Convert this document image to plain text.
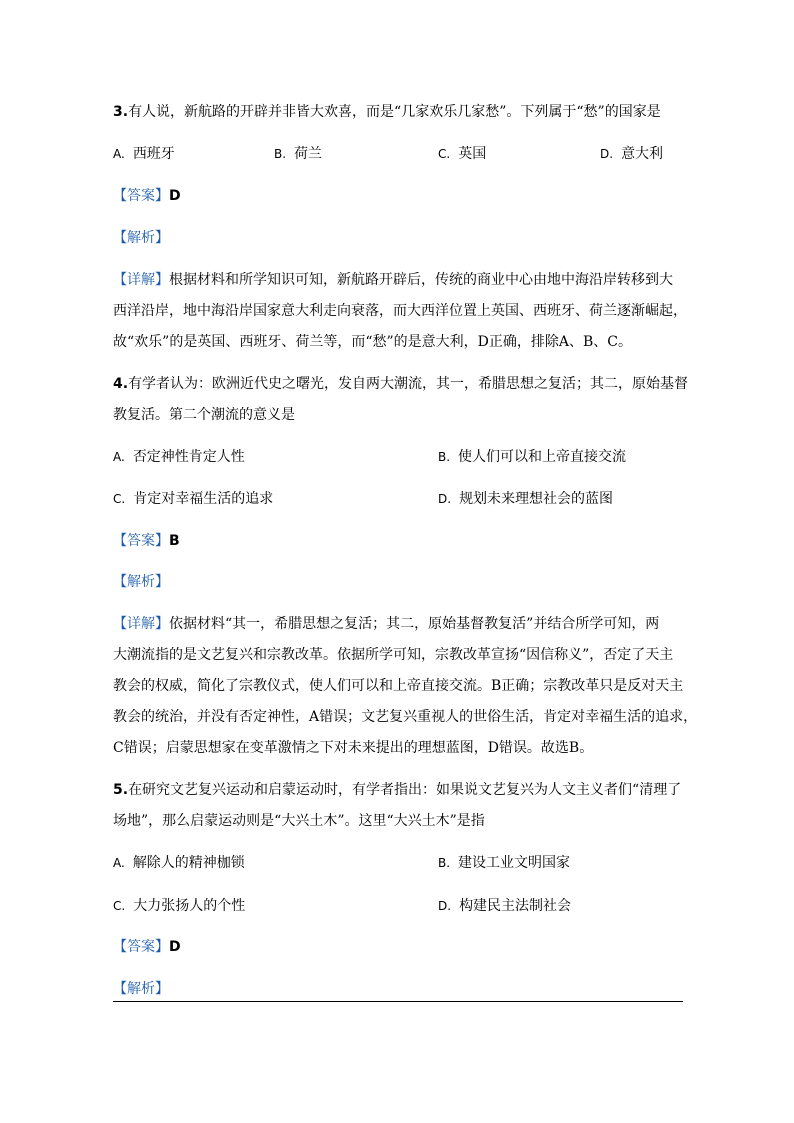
3.有人说，新航路的开辟并非皆大欢喜，而是“几家欢乐几家愁”。下列属于“愁”的国家是
A. 西班牙	B. 荷兰	C. 英国	D. 意大利
【答案】D
【解析】
【详解】根据材料和所学知识可知，新航路开辟后，传统的商业中心由地中海沿岸转移到大
西洋沿岸，地中海沿岸国家意大利走向衰落，而大西洋位置上英国、西班牙、荷兰逐渐崛起，
故“欢乐”的是英国、西班牙、荷兰等，而“愁”的是意大利，D正确，排除A、B、C。
4.有学者认为：欧洲近代史之曙光，发自两大潮流，其一，希腊思想之复活；其二，原始基督
教复活。第二个潮流的意义是
A. 否定神性肯定人性	B. 使人们可以和上帝直接交流
C. 肯定对幸福生活的追求	D. 规划未来理想社会的蓝图
【答案】B
【解析】
【详解】依据材料“其一，希腊思想之复活；其二，原始基督教复活”并结合所学可知，两
大潮流指的是文艺复兴和宗教改革。依据所学可知，宗教改革宣扬“因信称义”，否定了天主
教会的权威，简化了宗教仪式，使人们可以和上帝直接交流。B正确；宗教改革只是反对天主
教会的统治，并没有否定神性，A错误；文艺复兴重视人的世俗生活，肯定对幸福生活的追求，
C错误；启蒙思想家在变革激情之下对未来提出的理想蓝图，D错误。故选B。
5.在研究文艺复兴运动和启蒙运动时，有学者指出：如果说文艺复兴为人文主义者们“清理了
场地”，那么启蒙运动则是“大兴土木”。这里“大兴土木”是指
A. 解除人的精神枷锁	B. 建设工业文明国家
C. 大力张扬人的个性	D. 构建民主法制社会
【答案】D
【解析】
